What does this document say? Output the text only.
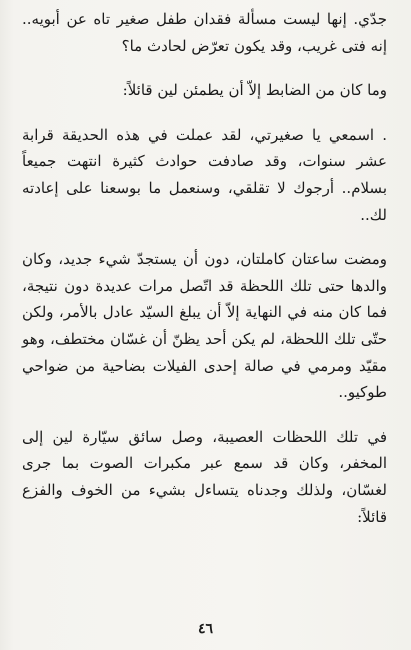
جدّي. إنها ليست مسألة فقدان طفل صغير تاه عن أبويه.. إنه فتى غريب، وقد يكون تعرّض لحادث ما؟

وما كان من الضابط إلاّ أن يطمئن لين قائلاً:

. اسمعي يا صغيرتي، لقد عملت في هذه الحديقة قرابة عشر سنوات، وقد صادفت حوادث كثيرة انتهت جميعاً بسلام.. أرجوك لا تقلقي، وسنعمل ما بوسعنا على إعادته لك..

ومضت ساعتان كاملتان، دون أن يستجدّ شيء جديد، وكان والدها حتى تلك اللحظة قد اتّصل مرات عديدة دون نتيجة، فما كان منه في النهاية إلاّ أن يبلغ السيّد عادل بالأمر، ولكن حتّى تلك اللحظة، لم يكن أحد يظنّ أن غسّان مختطف، وهو مقيّد ومرمي في صالة إحدى الفيلات بضاحية من ضواحي طوكيو..

في تلك اللحظات العصيبة، وصل سائق سيّارة لين إلى المخفر، وكان قد سمع عبر مكبرات الصوت بما جرى لغسّان، ولذلك وجدناه يتساءل بشيء من الخوف والفزع قائلاً:

٤٦
